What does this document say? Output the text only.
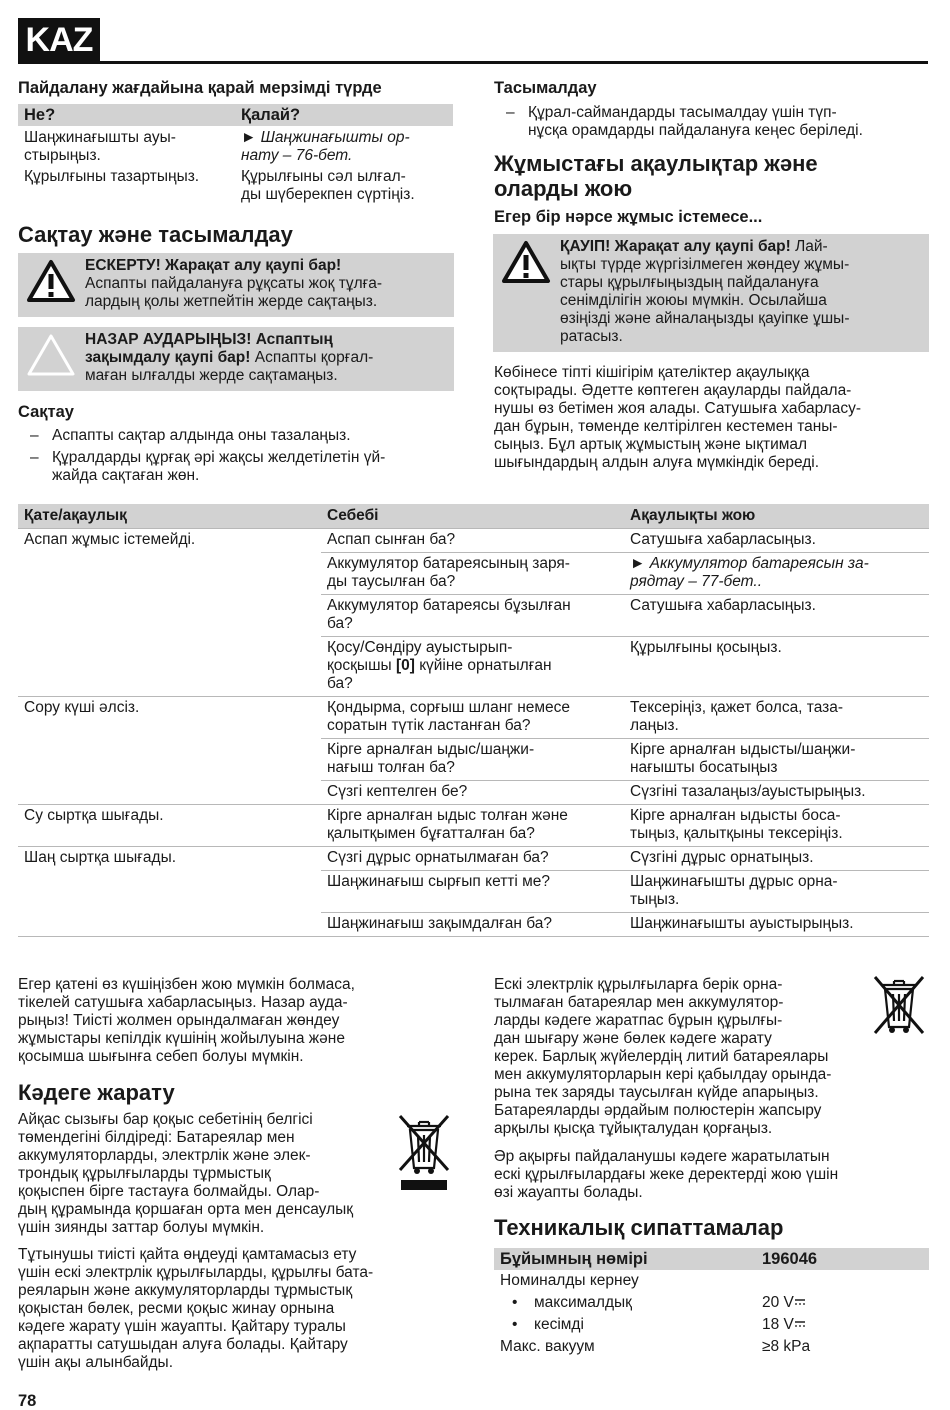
KAZ
Пайдалану жағдайына қарай мерзімді түрде
Не?	Қалай?
Шаңжинағышты ауы-
стырыңыз.	► Шаңжинағышты ор-
нату – 76-бет.
Құрылғыны тазартыңыз.	Құрылғыны сәл ылғал-
ды шүберекпен сүртіңіз.
Сақтау және тасымалдау
ЕСКЕРТУ! Жарақат алу қаупі бар!
Аспапты пайдалануға рұқсаты жоқ тұлға-
лардың қолы жетпейтін жерде сақтаңыз.
НАЗАР АУДАРЫҢЫЗ! Аспаптың
зақымдалу қаупі бар! Аспапты қорғал-
маған ылғалды жерде сақтамаңыз.
Сақтау
– Аспапты сақтар алдында оны тазалаңыз.
– Құралдарды құрғақ әрі жақсы желдетілетін үй-
жайда сақтаған жөн.
Тасымалдау
– Құрал-саймандарды тасымалдау үшін түп-
нұсқа орамдарды пайдалануға кеңес беріледі.
Жұмыстағы ақаулықтар және
оларды жою
Егер бір нәрсе жұмыс істемесе...
ҚАУІП! Жарақат алу қаупі бар! Лай-
ықты түрде жүргізілмеген жөндеу жұмы-
стары құрылғыңыздың пайдалануға
сенімділігін жоюы мүмкін. Осылайша
өзіңізді және айналаңызды қауіпке ұшы-
ратасыз.
Көбінесе тіпті кішігірім қателіктер ақаулыққа
соқтырады. Әдетте көптеген ақауларды пайдала-
нушы өз бетімен жоя алады. Сатушыға хабарласу-
дан бұрын, төменде келтірілген кестемен таны-
сыңыз. Бұл артық жұмыстың және ықтимал
шығындардың алдын алуға мүмкіндік береді.
Қате/ақаулық	Себебі	Ақаулықты жою
Аспап жұмыс істемейді.	Аспап сынған ба?	Сатушыға хабарласыңыз.
	Аккумулятор батареясының заря-
ды таусылған ба?	► Аккумулятор батареясын за-
рядтау – 77-бет..
	Аккумулятор батареясы бұзылған
ба?	Сатушыға хабарласыңыз.
	Қосу/Сөндіру ауыстырып-
қосқышы [0] күйіне орнатылған
ба?	Құрылғыны қосыңыз.
Сору күші әлсіз.	Қондырма, сорғыш шланг немесе
соратын түтік ластанған ба?	Тексеріңіз, қажет болса, таза-
лаңыз.
	Кірге арналған ыдыс/шаңжи-
нағыш толған ба?	Кірге арналған ыдысты/шаңжи-
нағышты босатыңыз
	Сүзгі кептелген бе?	Сүзгіні тазалаңыз/ауыстырыңыз.
Су сыртқа шығады.	Кірге арналған ыдыс толған және
қалытқымен бұғатталған ба?	Кірге арналған ыдысты боса-
тыңыз, қалытқыны тексеріңіз.
Шаң сыртқа шығады.	Сүзгі дұрыс орнатылмаған ба?	Сүзгіні дұрыс орнатыңыз.
	Шаңжинағыш сырғып кетті ме?	Шаңжинағышты дұрыс орна-
тыңыз.
	Шаңжинағыш зақымдалған ба?	Шаңжинағышты ауыстырыңыз.

Егер қатені өз күшіңізбен жою мүмкін болмаса,
тікелей сатушыға хабарласыңыз. Назар ауда-
рыңыз! Тиісті жолмен орындалмаған жөндеу
жұмыстары кепілдік күшінің жойылуына және
қосымша шығынға себеп болуы мүмкін.
Кәдеге жарату
Айқас сызығы бар қоқыс себетінің белгісі
төмендегіні білдіреді: Батареялар мен
аккумуляторларды, электрлік және элек-
трондық құрылғыларды тұрмыстық
қоқыспен бірге тастауға болмайды. Олар-
дың құрамында қоршаған орта мен денсаулық
үшін зиянды заттар болуы мүмкін.
Тұтынушы тиісті қайта өңдеуді қамтамасыз ету
үшін ескі электрлік құрылғыларды, құрылғы бата-
реяларын және аккумуляторларды тұрмыстық
қоқыстан бөлек, ресми қоқыс жинау орнына
кәдеге жарату үшін жауапты. Қайтару туралы
ақпаратты сатушыдан алуға болады. Қайтару
үшін ақы алынбайды.
Ескі электрлік құрылғыларға берік орна-
тылмаған батареялар мен аккумулятор-
ларды кәдеге жаратпас бұрын құрылғы-
дан шығару және бөлек кәдеге жарату
керек. Барлық жүйелердің литий батареялары
мен аккумуляторларын кері қабылдау орында-
рына тек заряды таусылған күйде апарыңыз.
Батареяларды әрдайым полюстерін жапсыру
арқылы қысқа тұйықталудан қорғаңыз.
Әр ақырғы пайдаланушы кәдеге жаратылатын
ескі құрылғылардағы жеке деректерді жою үшін
өзі жауапты болады.
Техникалық сипаттамалар
Бұйымның нөмірі	196046
Номиналды кернеу	
• максималдық	20 V
• кесімді	18 V
Макс. вакуум	≥8 kPa
78
